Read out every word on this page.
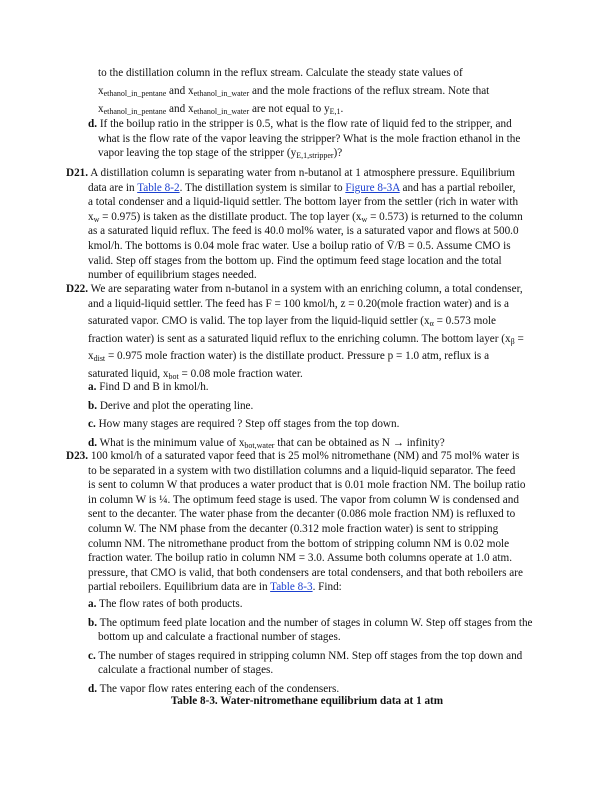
to the distillation column in the reflux stream. Calculate the steady state values of

$x_{ethanol\_in\_pentane}$ and $x_{ethanol\_in\_water}$ and the mole fractions of the reflux stream. Note that

$x_{ethanol\_in\_pentane}$ and $x_{ethanol\_in\_water}$ are not equal to $y_{E,1}$.

d. If the boilup ratio in the stripper is 0.5, what is the flow rate of liquid fed to the stripper, and

what is the flow rate of the vapor leaving the stripper? What is the mole fraction ethanol in the

vapor leaving the top stage of the stripper $(y_{E,1,stripper})$?

D21. A distillation column is separating water from n-butanol at 1 atmosphere pressure. Equilibrium

data are in Table 8-2. The distillation system is similar to Figure 8-3A and has a partial reboiler,

a total condenser and a liquid-liquid settler. The bottom layer from the settler (rich in water with

$x_w = 0.975$) is taken as the distillate product. The top layer $(x_w = 0.573)$ is returned to the column

as a saturated liquid reflux. The feed is 40.0 mol% water, is a saturated vapor and flows at 500.0

kmol/h. The bottoms is 0.04 mole frac water. Use a boilup ratio of V̄/B = 0.5. Assume CMO is

valid. Step off stages from the bottom up. Find the optimum feed stage location and the total

number of equilibrium stages needed.

D22. We are separating water from n-butanol in a system with an enriching column, a total condenser,

and a liquid-liquid settler. The feed has F = 100 kmol/h, z = 0.20(mole fraction water) and is a

saturated vapor. CMO is valid. The top layer from the liquid-liquid settler ($x_\alpha = 0.573$ mole

fraction water) is sent as a saturated liquid reflux to the enriching column. The bottom layer ($x_\beta$ =

$x_{dist} = 0.975$ mole fraction water) is the distillate product. Pressure p = 1.0 atm, reflux is a

saturated liquid, $x_{bot} = 0.08$ mole fraction water.

a. Find D and B in kmol/h.

b. Derive and plot the operating line.

c. How many stages are required ? Step off stages from the top down.

d. What is the minimum value of $x_{bot,water}$ that can be obtained as N → infinity?

D23. 100 kmol/h of a saturated vapor feed that is 25 mol% nitromethane (NM) and 75 mol% water is

to be separated in a system with two distillation columns and a liquid-liquid separator. The feed

is sent to column W that produces a water product that is 0.01 mole fraction NM. The boilup ratio

in column W is ¼. The optimum feed stage is used. The vapor from column W is condensed and

sent to the decanter. The water phase from the decanter (0.086 mole fraction NM) is refluxed to

column W. The NM phase from the decanter (0.312 mole fraction water) is sent to stripping

column NM. The nitromethane product from the bottom of stripping column NM is 0.02 mole

fraction water. The boilup ratio in column NM = 3.0. Assume both columns operate at 1.0 atm.

pressure, that CMO is valid, that both condensers are total condensers, and that both reboilers are

partial reboilers. Equilibrium data are in Table 8-3. Find:

a. The flow rates of both products.

b. The optimum feed plate location and the number of stages in column W. Step off stages from the

bottom up and calculate a fractional number of stages.

c. The number of stages required in stripping column NM. Step off stages from the top down and

calculate a fractional number of stages.

d. The vapor flow rates entering each of the condensers.

Table 8-3. Water-nitromethane equilibrium data at 1 atm
